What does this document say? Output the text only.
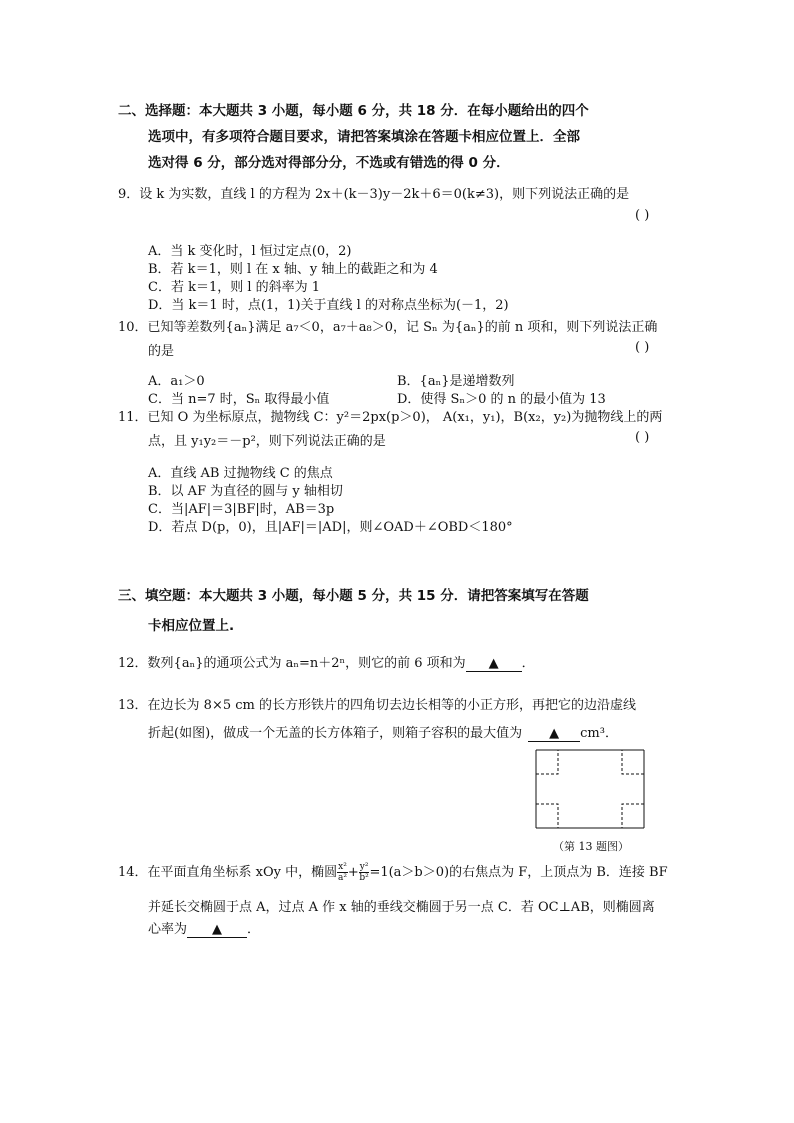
二、选择题：本大题共 3 小题，每小题 6 分，共 18 分．在每小题给出的四个
选项中，有多项符合题目要求，请把答案填涂在答题卡相应位置上．全部
选对得 6 分，部分选对得部分分，不选或有错选的得 0 分．
9．设 k 为实数，直线 l 的方程为 2x＋(k－3)y－2k＋6＝0(k≠3)，则下列说法正确的是
( )
A．当 k 变化时，l 恒过定点(0，2)
B．若 k＝1，则 l 在 x 轴、y 轴上的截距之和为 4
C．若 k＝1，则 l 的斜率为 1
D．当 k＝1 时，点(1，1)关于直线 l 的对称点坐标为(－1，2)
10．已知等差数列{aₙ}满足 a₇＜0，a₇＋a₈＞0，记 Sₙ 为{aₙ}的前 n 项和，则下列说法正确
的是	( )
A．a₁＞0	B．{aₙ}是递增数列
C．当 n=7 时，Sₙ 取得最小值	D．使得 Sₙ＞0 的 n 的最小值为 13
11．已知 O 为坐标原点，抛物线 C：y²＝2px(p＞0)， A(x₁，y₁)，B(x₂，y₂)为抛物线上的两
点，且 y₁y₂＝－p²，则下列说法正确的是	( )
A．直线 AB 过抛物线 C 的焦点
B．以 AF 为直径的圆与 y 轴相切
C．当|AF|＝3|BF|时，AB＝3p
D．若点 D(p，0)，且|AF|＝|AD|，则∠OAD＋∠OBD＜180°
三、填空题：本大题共 3 小题，每小题 5 分，共 15 分．请把答案填写在答题
卡相应位置上.
12．数列{aₙ}的通项公式为 aₙ=n＋2ⁿ，则它的前 6 项和为 ▲ ．
13．在边长为 8×5 cm 的长方形铁片的四角切去边长相等的小正方形，再把它的边沿虚线
折起(如图)，做成一个无盖的长方体箱子，则箱子容积的最大值为 ▲ cm³．
（第 13 题图）
14．在平面直角坐标系 xOy 中，椭圆 $\frac{\text{x²}}{\text{a²}} + \frac{\text{y²}}{\text{b²}} =1(a>b>0)$的右焦点为 F，上顶点为 B．连接 BF
并延长交椭圆于点 A，过点 A 作 x 轴的垂线交椭圆于另一点 C．若 OC⊥AB，则椭圆离
心率为 ▲ ．
